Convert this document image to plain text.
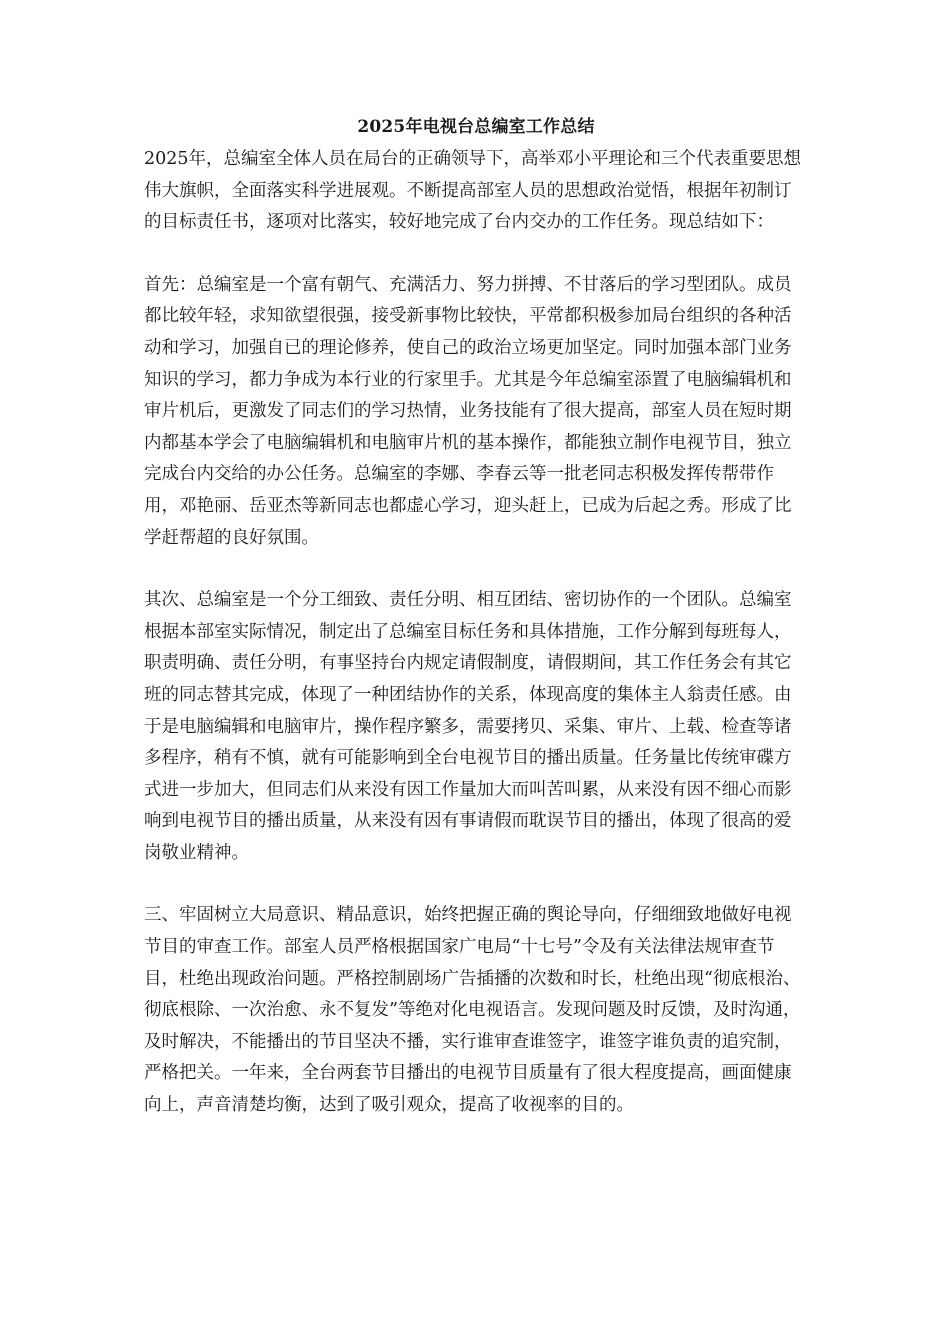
2025年电视台总编室工作总结

2025年，总编室全体人员在局台的正确领导下，高举邓小平理论和三个代表重要思想伟大旗帜，全面落实科学进展观。不断提高部室人员的思想政治觉悟，根据年初制订的目标责任书，逐项对比落实，较好地完成了台内交办的工作任务。现总结如下：

首先：总编室是一个富有朝气、充满活力、努力拼搏、不甘落后的学习型团队。成员都比较年轻，求知欲望很强，接受新事物比较快，平常都积极参加局台组织的各种活动和学习，加强自已的理论修养，使自己的政治立场更加坚定。同时加强本部门业务知识的学习，都力争成为本行业的行家里手。尤其是今年总编室添置了电脑编辑机和审片机后，更激发了同志们的学习热情，业务技能有了很大提高，部室人员在短时期内都基本学会了电脑编辑机和电脑审片机的基本操作，都能独立制作电视节目，独立完成台内交给的办公任务。总编室的李娜、李春云等一批老同志积极发挥传帮带作用，邓艳丽、岳亚杰等新同志也都虚心学习，迎头赶上，已成为后起之秀。形成了比学赶帮超的良好氛围。

其次、总编室是一个分工细致、责任分明、相互团结、密切协作的一个团队。总编室根据本部室实际情况，制定出了总编室目标任务和具体措施，工作分解到每班每人，职责明确、责任分明，有事坚持台内规定请假制度，请假期间，其工作任务会有其它班的同志替其完成，体现了一种团结协作的关系，体现高度的集体主人翁责任感。由于是电脑编辑和电脑审片，操作程序繁多，需要拷贝、采集、审片、上载、检查等诸多程序，稍有不慎，就有可能影响到全台电视节目的播出质量。任务量比传统审碟方式进一步加大，但同志们从来没有因工作量加大而叫苦叫累，从来没有因不细心而影响到电视节目的播出质量，从来没有因有事请假而耽误节目的播出，体现了很高的爱岗敬业精神。

三、牢固树立大局意识、精品意识，始终把握正确的舆论导向，仔细细致地做好电视节目的审查工作。部室人员严格根据国家广电局“十七号”令及有关法律法规审查节目，杜绝出现政治问题。严格控制剧场广告插播的次数和时长，杜绝出现“彻底根治、彻底根除、一次治愈、永不复发”等绝对化电视语言。发现问题及时反馈，及时沟通，及时解决，不能播出的节目坚决不播，实行谁审查谁签字，谁签字谁负责的追究制，严格把关。一年来，全台两套节目播出的电视节目质量有了很大程度提高，画面健康向上，声音清楚均衡，达到了吸引观众，提高了收视率的目的。
